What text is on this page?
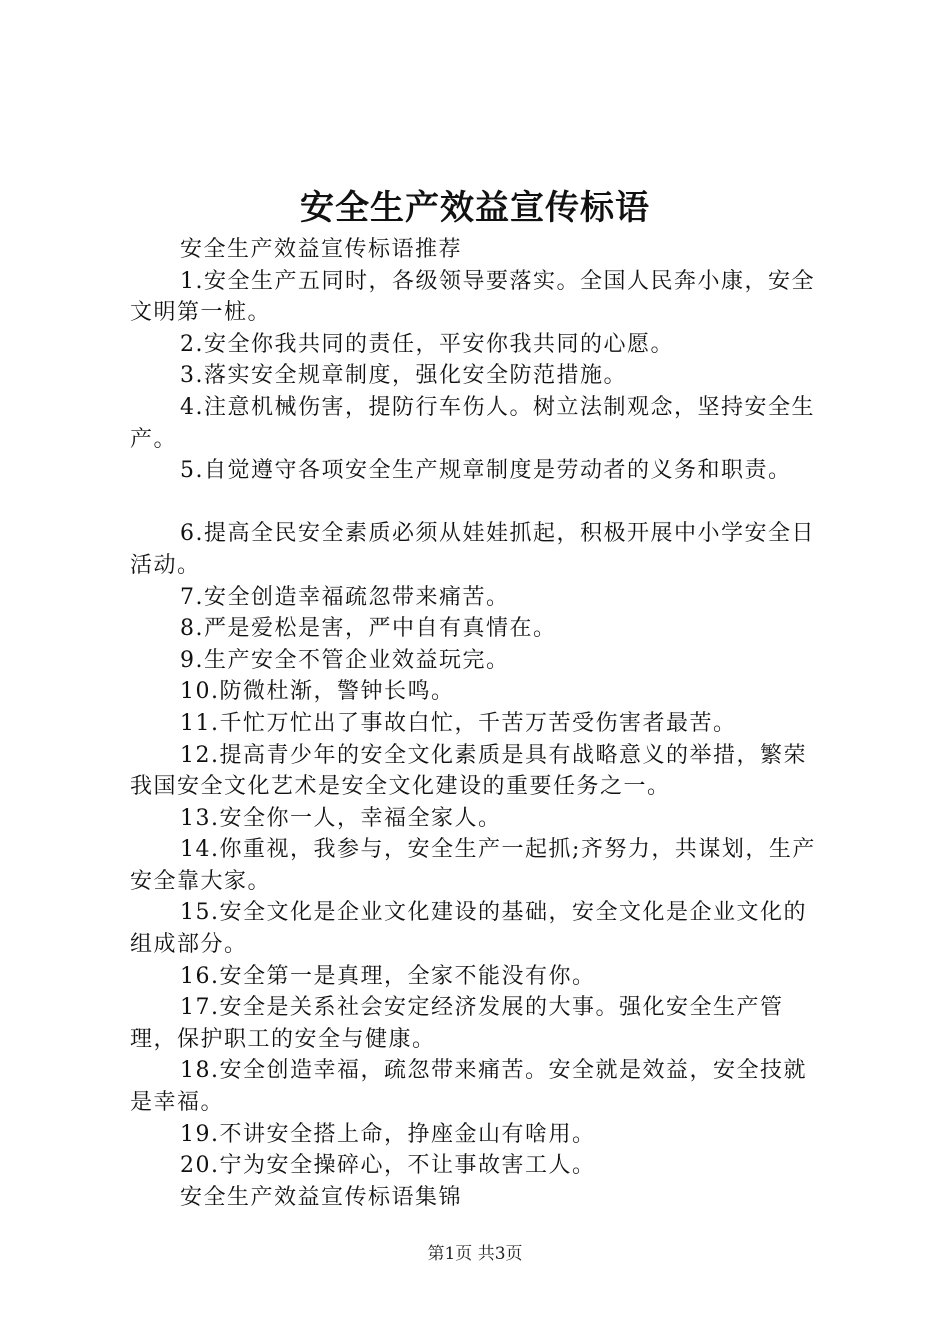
安全生产效益宣传标语

安全生产效益宣传标语推荐

1.安全生产五同时，各级领导要落实。全国人民奔小康，安全文明第一桩。

2.安全你我共同的责任，平安你我共同的心愿。

3.落实安全规章制度，强化安全防范措施。

4.注意机械伤害，提防行车伤人。树立法制观念，坚持安全生产。

5.自觉遵守各项安全生产规章制度是劳动者的义务和职责。

6.提高全民安全素质必须从娃娃抓起，积极开展中小学安全日活动。

7.安全创造幸福疏忽带来痛苦。

8.严是爱松是害，严中自有真情在。

9.生产安全不管企业效益玩完。

10.防微杜渐，警钟长鸣。

11.千忙万忙出了事故白忙，千苦万苦受伤害者最苦。

12.提高青少年的安全文化素质是具有战略意义的举措，繁荣我国安全文化艺术是安全文化建设的重要任务之一。

13.安全你一人，幸福全家人。

14.你重视，我参与，安全生产一起抓;齐努力，共谋划，生产安全靠大家。

15.安全文化是企业文化建设的基础，安全文化是企业文化的组成部分。

16.安全第一是真理，全家不能没有你。

17.安全是关系社会安定经济发展的大事。强化安全生产管理，保护职工的安全与健康。

18.安全创造幸福，疏忽带来痛苦。安全就是效益，安全技就是幸福。

19.不讲安全搭上命，挣座金山有啥用。

20.宁为安全操碎心，不让事故害工人。

安全生产效益宣传标语集锦

第1页 共3页
